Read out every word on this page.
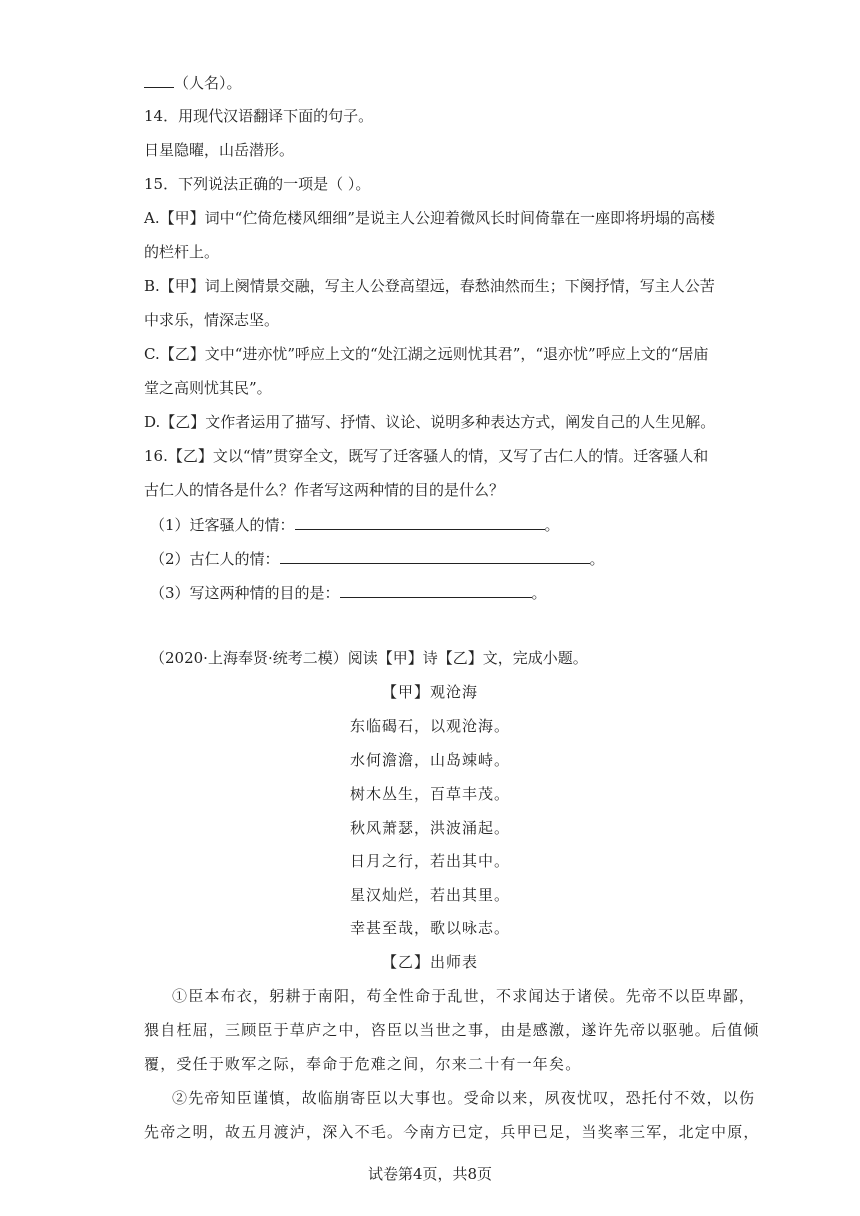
（人名）。
14．用现代汉语翻译下面的句子。
日星隐曜，山岳潜形。
15．下列说法正确的一项是（ ）。
A.【甲】词中“伫倚危楼风细细”是说主人公迎着微风长时间倚靠在一座即将坍塌的高楼
的栏杆上。
B.【甲】词上阕情景交融，写主人公登高望远，春愁油然而生；下阕抒情，写主人公苦
中求乐，情深志坚。
C.【乙】文中“进亦忧”呼应上文的“处江湖之远则忧其君”，“退亦忧”呼应上文的“居庙
堂之高则忧其民”。
D.【乙】文作者运用了描写、抒情、议论、说明多种表达方式，阐发自己的人生见解。
16.【乙】文以“情”贯穿全文，既写了迁客骚人的情，又写了古仁人的情。迁客骚人和
古仁人的情各是什么？作者写这两种情的目的是什么？
（1）迁客骚人的情：	。
（2）古仁人的情：	。
（3）写这两种情的目的是：	。
（2020·上海奉贤·统考二模）阅读【甲】诗【乙】文，完成小题。
【甲】观沧海
东临碣石，以观沧海。
水何澹澹，山岛竦峙。
树木丛生，百草丰茂。
秋风萧瑟，洪波涌起。
日月之行，若出其中。
星汉灿烂，若出其里。
幸甚至哉，歌以咏志。
【乙】出师表
①臣本布衣，躬耕于南阳，苟全性命于乱世，不求闻达于诸侯。先帝不以臣卑鄙，
猥自枉屈，三顾臣于草庐之中，咨臣以当世之事，由是感激，遂许先帝以驱驰。后值倾
覆，受任于败军之际，奉命于危难之间，尔来二十有一年矣。
②先帝知臣谨慎，故临崩寄臣以大事也。受命以来，夙夜忧叹，恐托付不效，以伤
先帝之明，故五月渡泸，深入不毛。今南方已定，兵甲已足，当奖率三军，北定中原，
试卷第4页，共8页
